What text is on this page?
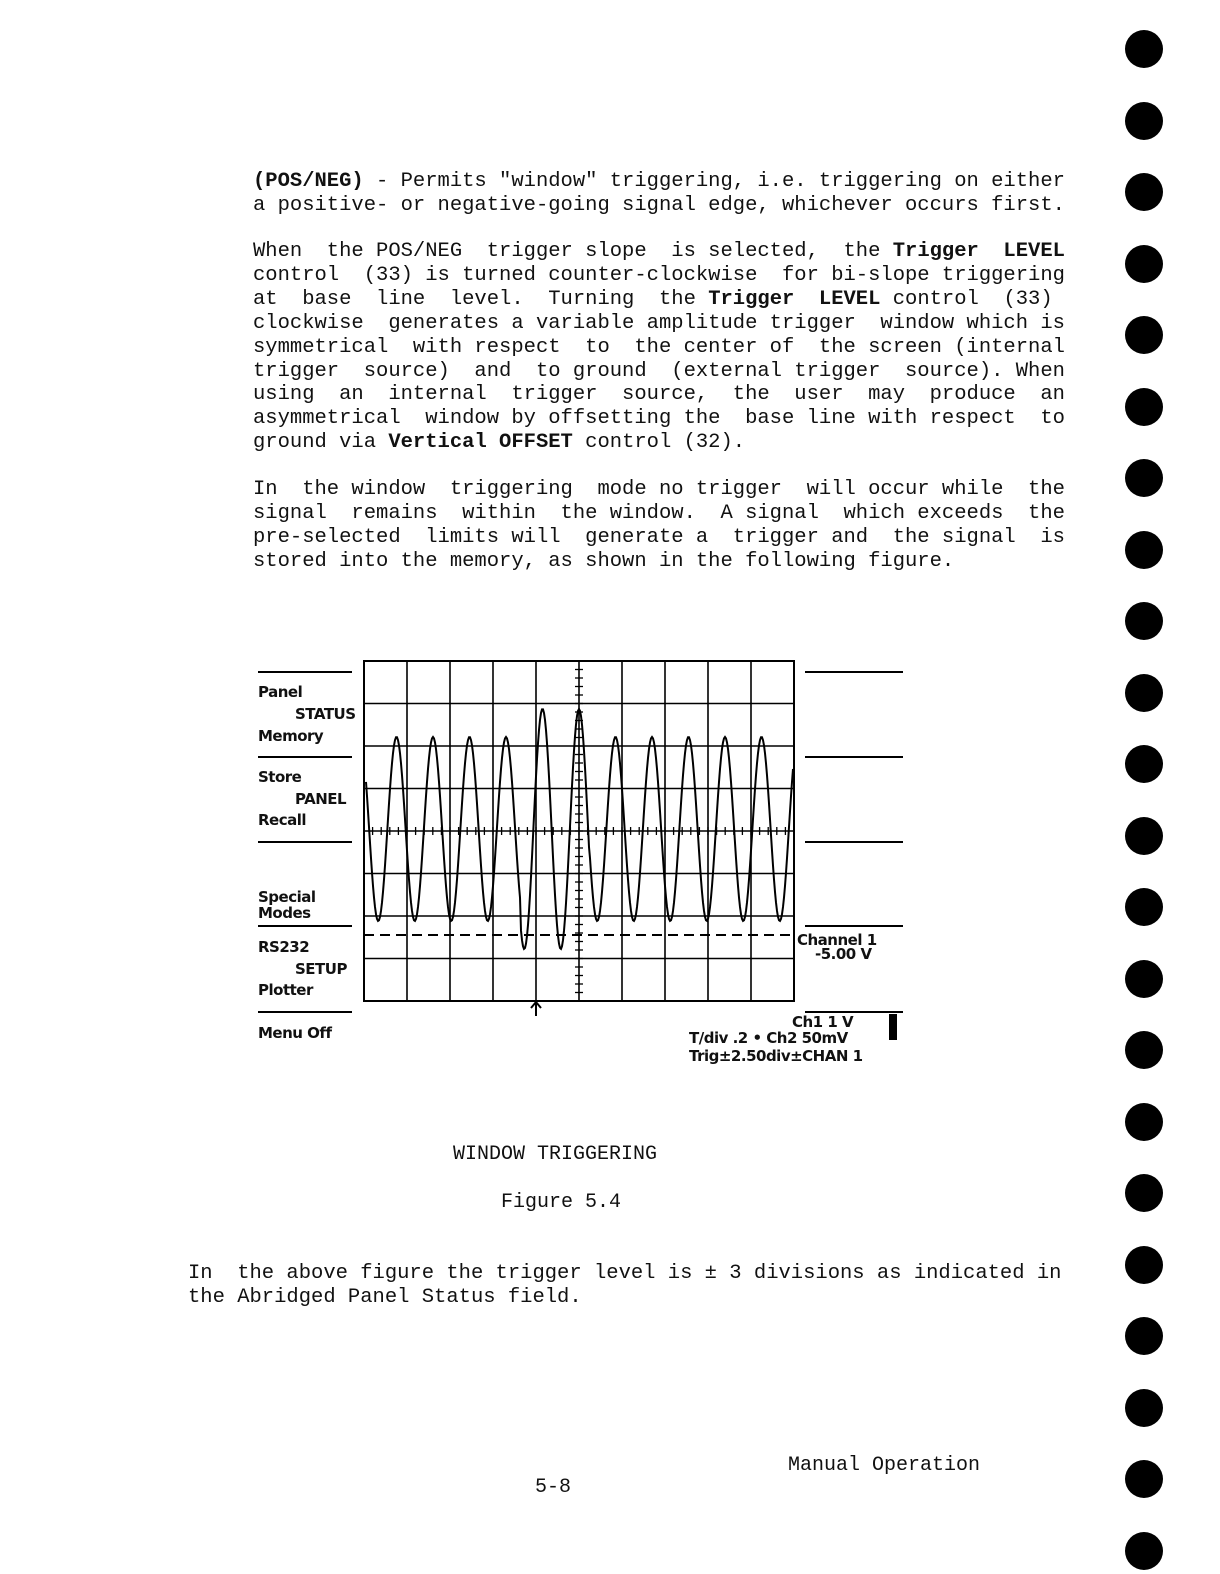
(POS/NEG) - Permits "window" triggering, i.e. triggering on either
a positive- or negative-going signal edge, whichever occurs first.
When  the POS/NEG  trigger slope  is selected,  the Trigger  LEVEL
control  (33) is turned counter-clockwise  for bi-slope triggering
at  base  line  level.  Turning  the Trigger  LEVEL control  (33)
clockwise  generates a variable amplitude trigger  window which is
symmetrical  with respect  to  the center of  the screen (internal
trigger  source)  and  to ground  (external trigger  source). When
using  an  internal  trigger  source,  the  user  may  produce  an
asymmetrical  window by offsetting the  base line with respect  to
ground via Vertical OFFSET control (32).
In  the window  triggering  mode no trigger  will occur while  the
signal  remains  within  the window.  A signal  which exceeds  the
pre-selected  limits will  generate a  trigger and  the signal  is
stored into the memory, as shown in the following figure.
Panel
STATUS
Memory
Store
PANEL
Recall
Special
Modes
RS232
SETUP
Plotter
Menu Off
Channel 1
-5.00 V
Ch1 1 V
T/div .2 • Ch2 50mV
Trig±2.50div±CHAN 1
WINDOW TRIGGERING
Figure 5.4
In  the above figure the trigger level is ± 3 divisions as indicated in
the Abridged Panel Status field.
Manual Operation
5-8
